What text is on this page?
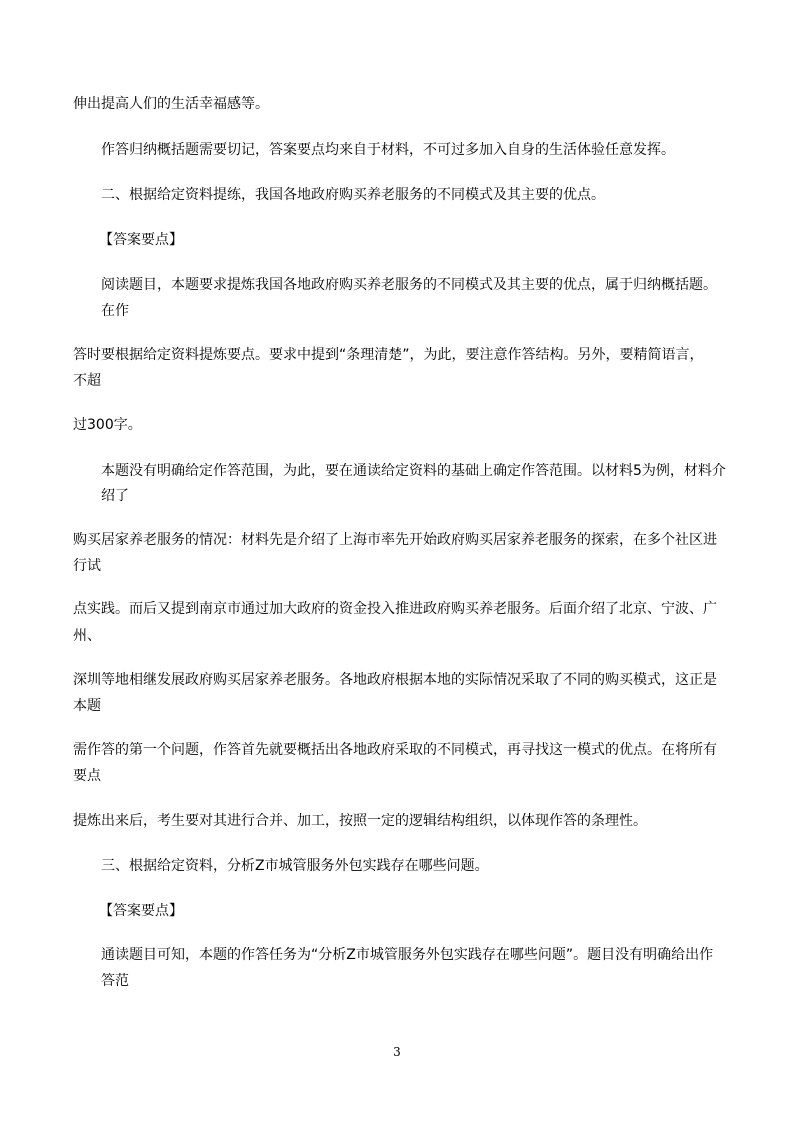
伸出提高人们的生活幸福感等。
作答归纳概括题需要切记，答案要点均来自于材料，不可过多加入自身的生活体验任意发挥。
二、根据给定资料提练，我国各地政府购买养老服务的不同模式及其主要的优点。
【答案要点】
阅读题目，本题要求提炼我国各地政府购买养老服务的不同模式及其主要的优点，属于归纳概括题。
在作
答时要根据给定资料提炼要点。要求中提到“条理清楚”，为此，要注意作答结构。另外，要精简语言，
不超
过300字。
本题没有明确给定作答范围，为此，要在通读给定资料的基础上确定作答范围。以材料5为例，材料介
绍了
购买居家养老服务的情况：材料先是介绍了上海市率先开始政府购买居家养老服务的探索，在多个社区进
行试
点实践。而后又提到南京市通过加大政府的资金投入推进政府购买养老服务。后面介绍了北京、宁波、广
州、
深圳等地相继发展政府购买居家养老服务。各地政府根据本地的实际情况采取了不同的购买模式，这正是
本题
需作答的第一个问题，作答首先就要概括出各地政府采取的不同模式，再寻找这一模式的优点。在将所有
要点
提炼出来后，考生要对其进行合并、加工，按照一定的逻辑结构组织，以体现作答的条理性。
三、根据给定资料，分析Z市城管服务外包实践存在哪些问题。
【答案要点】
通读题目可知，本题的作答任务为“分析Z市城管服务外包实践存在哪些问题”。题目没有明确给出作
答范
3
